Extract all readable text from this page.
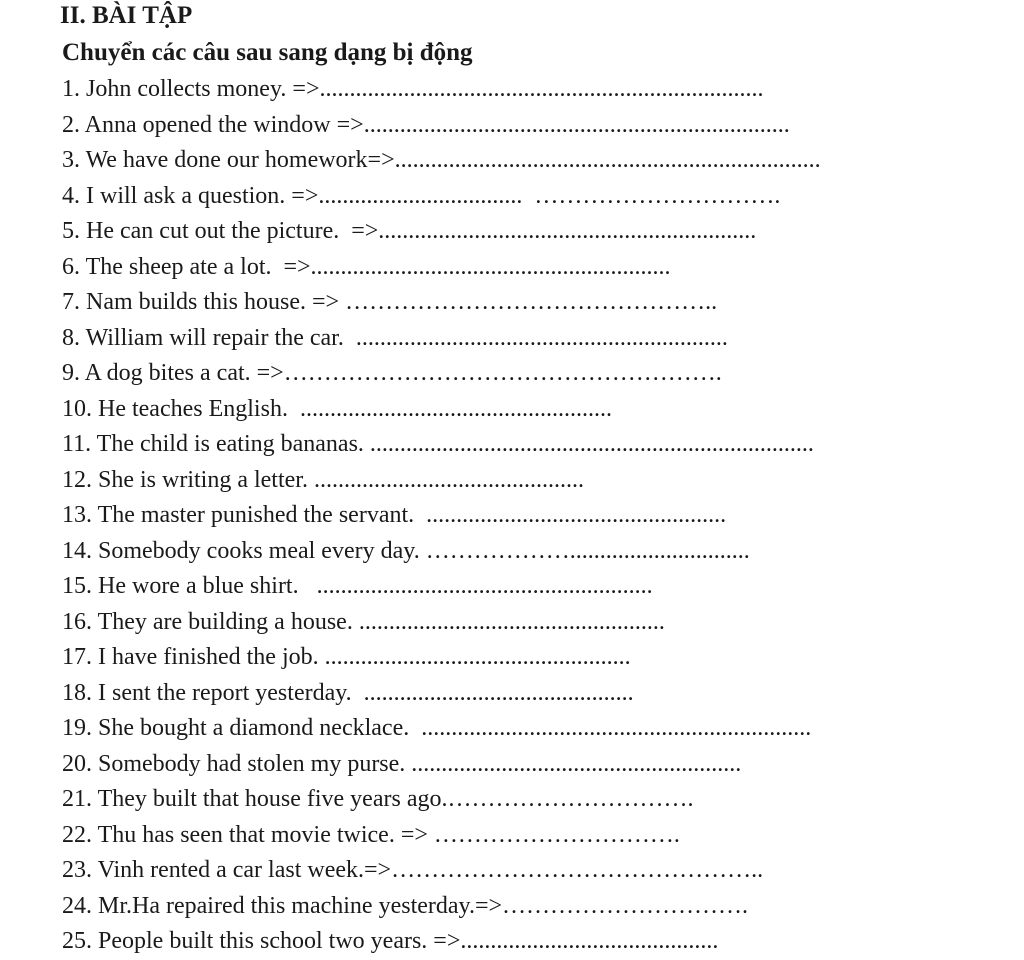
II. BÀI TẬP
Chuyển các câu sau sang dạng bị động
1. John collects money. =>..........................................................................
2. Anna opened the window =>.......................................................................
3. We have done our homework=>.......................................................................
4. I will ask a question. =>..................................  ………………………….
5. He can cut out the picture.  =>...............................................................
6. The sheep ate a lot.  =>............................................................
7. Nam builds this house. => ………………………………………..
8. William will repair the car.  ..............................................................
9. A dog bites a cat. =>……………………………………………….
10. He teaches English.  ....................................................
11. The child is eating bananas. ..........................................................................
12. She is writing a letter. .............................................
13. The master punished the servant.  ..................................................
14. Somebody cooks meal every day. ………………..............................
15. He wore a blue shirt.   ........................................................
16. They are building a house. ...................................................
17. I have finished the job. ...................................................
18. I sent the report yesterday.  .............................................
19. She bought a diamond necklace.  .................................................................
20. Somebody had stolen my purse. .......................................................
21. They built that house five years ago.………………………….
22. Thu has seen that movie twice. => ………………………….
23. Vinh rented a car last week.=>………………………………………..
24. Mr.Ha repaired this machine yesterday.=>………………………….
25. People built this school two years. =>...........................................
